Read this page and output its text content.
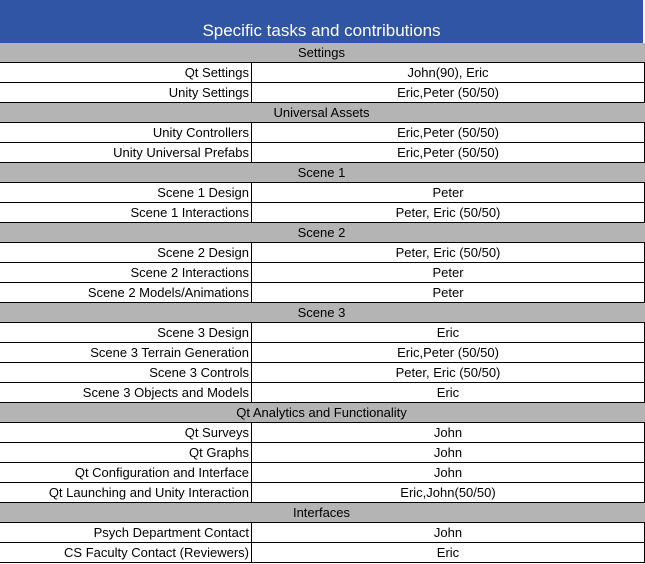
Specific tasks and contributions
Settings
Qt Settings	John(90), Eric
Unity Settings	Eric,Peter (50/50)
Universal Assets
Unity Controllers	Eric,Peter (50/50)
Unity Universal Prefabs	Eric,Peter (50/50)
Scene 1
Scene 1 Design	Peter
Scene 1 Interactions	Peter, Eric (50/50)
Scene 2
Scene 2 Design	Peter, Eric (50/50)
Scene 2 Interactions	Peter
Scene 2 Models/Animations	Peter
Scene 3
Scene 3 Design	Eric
Scene 3 Terrain Generation	Eric,Peter (50/50)
Scene 3 Controls	Peter, Eric (50/50)
Scene 3 Objects and Models	Eric
Qt Analytics and Functionality
Qt Surveys	John
Qt Graphs	John
Qt Configuration and Interface	John
Qt Launching and Unity Interaction	Eric,John(50/50)
Interfaces
Psych Department Contact	John
CS Faculty Contact (Reviewers)	Eric
